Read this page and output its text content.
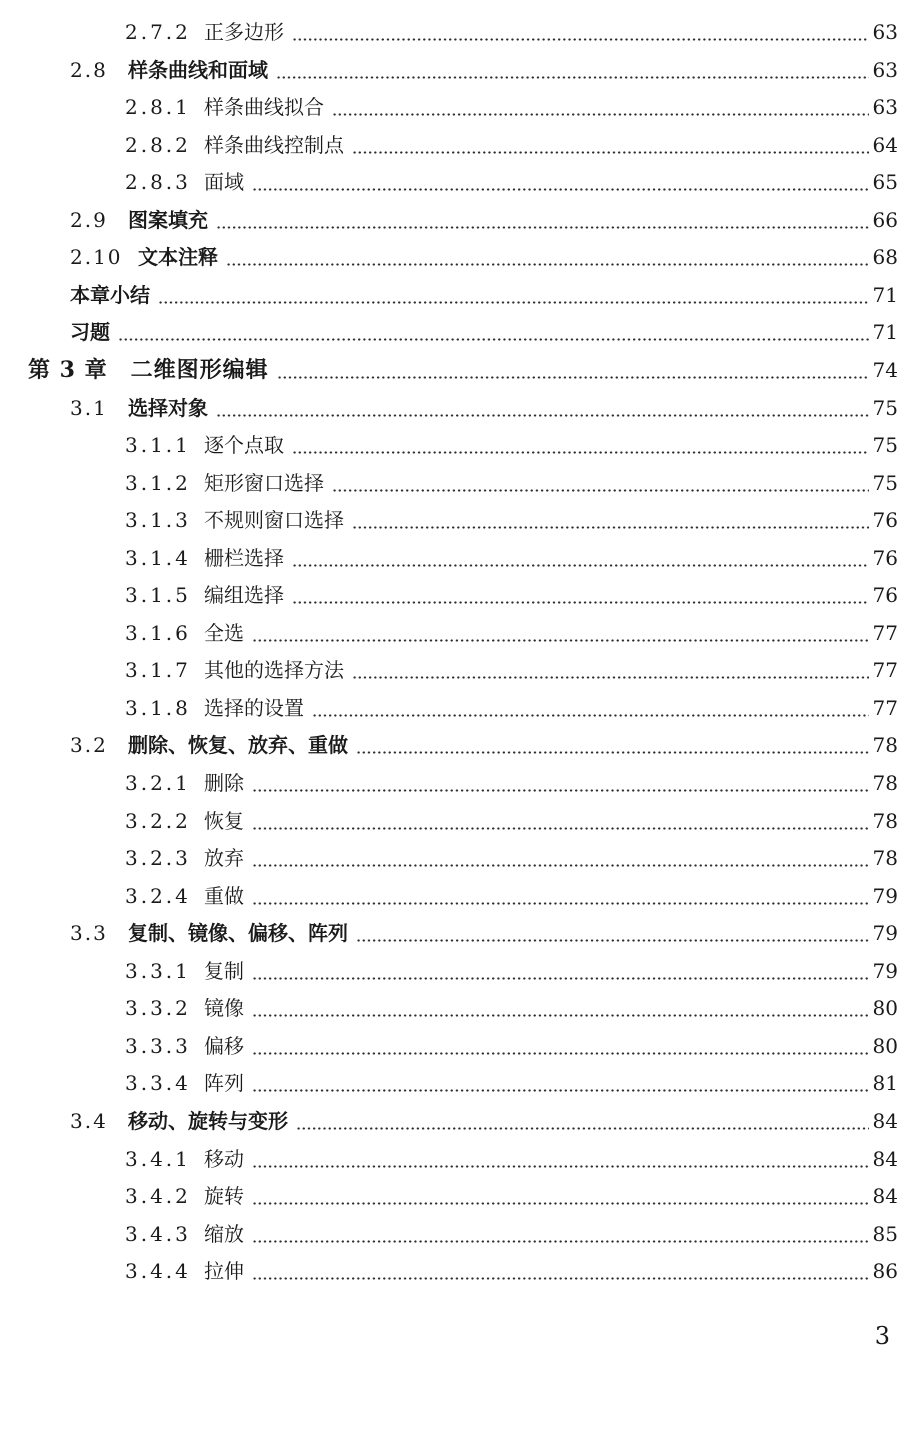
2.7.2 正多边形	63
2.8 样条曲线和面域	63
2.8.1 样条曲线拟合	63
2.8.2 样条曲线控制点	64
2.8.3 面域	65
2.9 图案填充	66
2.10 文本注释	68
本章小结	71
习题	71
第 3 章　二维图形编辑	74
3.1 选择对象	75
3.1.1 逐个点取	75
3.1.2 矩形窗口选择	75
3.1.3 不规则窗口选择	76
3.1.4 栅栏选择	76
3.1.5 编组选择	76
3.1.6 全选	77
3.1.7 其他的选择方法	77
3.1.8 选择的设置	77
3.2 删除、恢复、放弃、重做	78
3.2.1 删除	78
3.2.2 恢复	78
3.2.3 放弃	78
3.2.4 重做	79
3.3 复制、镜像、偏移、阵列	79
3.3.1 复制	79
3.3.2 镜像	80
3.3.3 偏移	80
3.3.4 阵列	81
3.4 移动、旋转与变形	84
3.4.1 移动	84
3.4.2 旋转	84
3.4.3 缩放	85
3.4.4 拉伸	86
3
